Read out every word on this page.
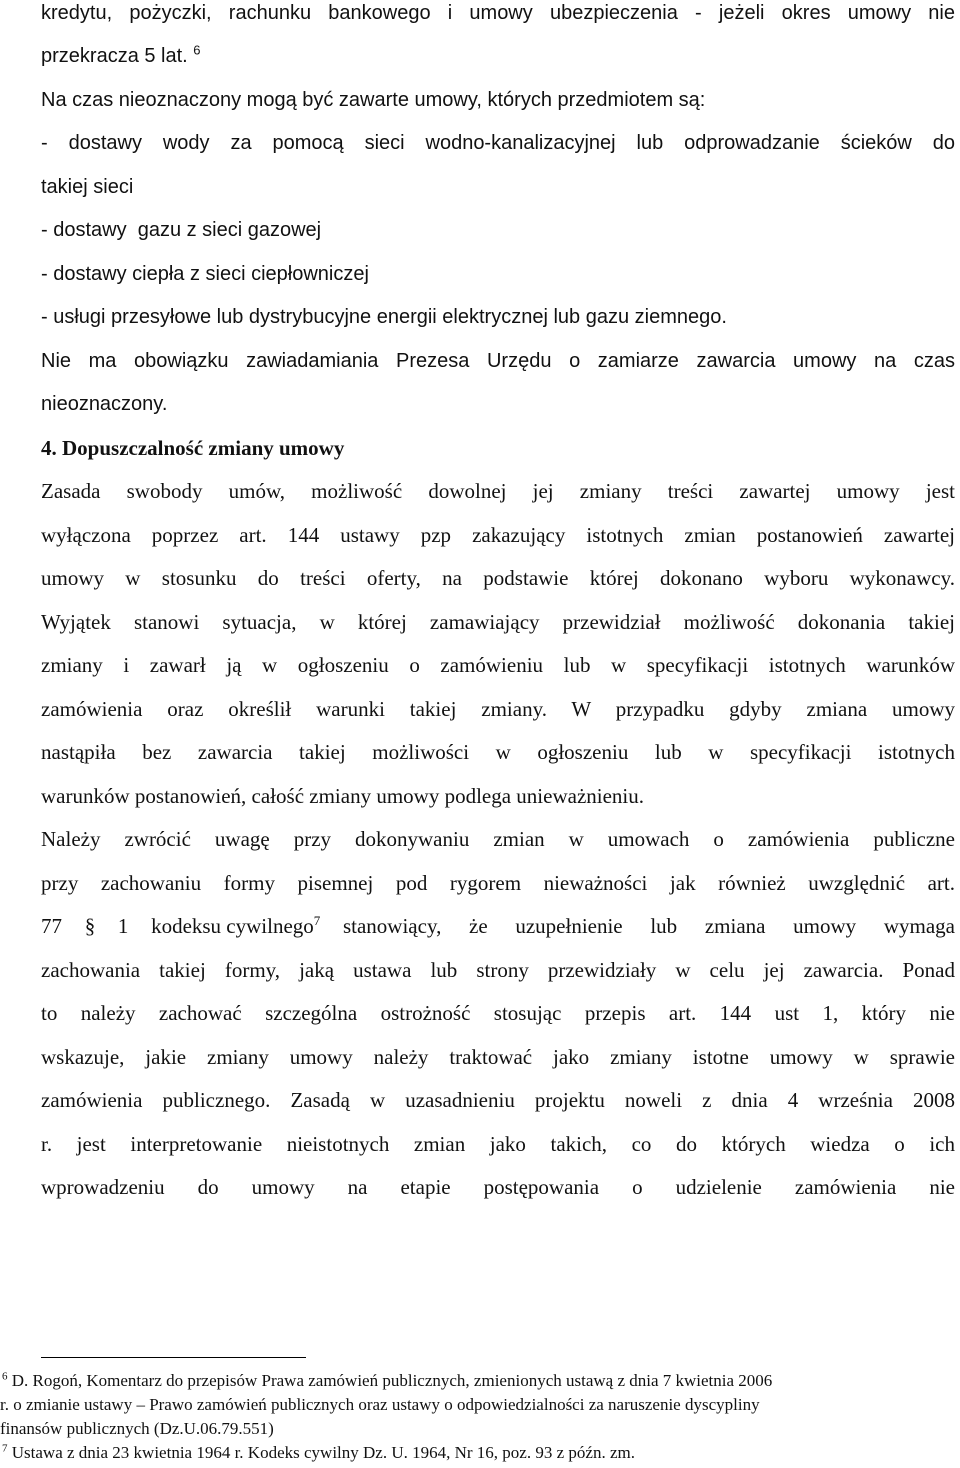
kredytu, pożyczki, rachunku bankowego i umowy ubezpieczenia - jeżeli okres umowy nie
przekracza 5 lat. $^6$
Na czas nieoznaczony mogą być zawarte umowy, których przedmiotem są:
- dostawy wody za pomocą sieci wodno-kanalizacyjnej lub odprowadzanie ścieków do
takiej sieci
- dostawy  gazu z sieci gazowej
- dostawy ciepła z sieci ciepłowniczej
- usługi przesyłowe lub dystrybucyjne energii elektrycznej lub gazu ziemnego.
Nie ma obowiązku zawiadamiania Prezesa Urzędu o zamiarze zawarcia umowy na czas
nieoznaczony.
4. Dopuszczalność zmiany umowy
Zasada swobody umów, możliwość dowolnej jej zmiany treści zawartej umowy jest
wyłączona poprzez art. 144 ustawy pzp zakazujący istotnych zmian postanowień zawartej
umowy w stosunku do treści oferty, na podstawie której dokonano wyboru wykonawcy.
Wyjątek stanowi sytuacja, w której zamawiający przewidział możliwość dokonania takiej
zmiany i zawarł ją w ogłoszeniu o zamówieniu lub w specyfikacji istotnych warunków
zamówienia oraz określił warunki takiej zmiany. W przypadku gdyby zmiana umowy
nastąpiła bez zawarcia takiej możliwości w ogłoszeniu lub w specyfikacji istotnych
warunków postanowień, całość zmiany umowy podlega unieważnieniu.
Należy zwrócić uwagę przy dokonywaniu zmian w umowach o zamówienia publiczne
przy zachowaniu formy pisemnej pod rygorem nieważności jak również uwzględnić art.
77 § 1 kodeksu cywilnego$^7$ stanowiący, że uzupełnienie lub zmiana umowy wymaga
zachowania takiej formy, jaką ustawa lub strony przewidziały w celu jej zawarcia. Ponad
to należy zachować szczególna ostrożność stosując przepis art. 144 ust 1, który nie
wskazuje, jakie zmiany umowy należy traktować jako zmiany istotne umowy w sprawie
zamówienia publicznego. Zasadą w uzasadnieniu projektu noweli z dnia 4 września 2008
r. jest interpretowanie nieistotnych zmian jako takich, co do których wiedza o ich
wprowadzeniu do umowy na etapie postępowania o udzielenie zamówienia nie
$^6$ D. Rogoń, Komentarz do przepisów Prawa zamówień publicznych, zmienionych ustawą z dnia 7 kwietnia 2006
r. o zmianie ustawy – Prawo zamówień publicznych oraz ustawy o odpowiedzialności za naruszenie dyscypliny
finansów publicznych (Dz.U.06.79.551)
$^7$ Ustawa z dnia 23 kwietnia 1964 r. Kodeks cywilny Dz. U. 1964, Nr 16, poz. 93 z późn. zm.
